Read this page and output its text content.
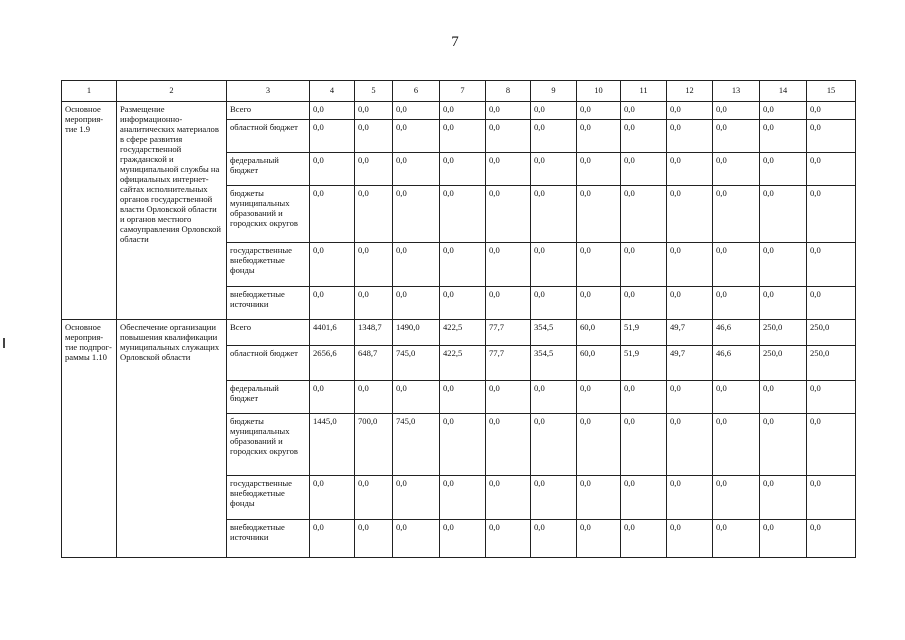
7
1	2	3	4	5	6	7	8	9	10	11	12	13	14	15
Основное мероприя-тие 1.9	Размещение информационно-аналитических материалов в сфере развития государственной гражданской и муниципальной службы на официальных интернет-сайтах исполнительных органов государственной власти Орловской области и органов местного самоуправления Орловской области	Всего	0,0	0,0	0,0	0,0	0,0	0,0	0,0	0,0	0,0	0,0	0,0	0,0
		областной бюджет	0,0	0,0	0,0	0,0	0,0	0,0	0,0	0,0	0,0	0,0	0,0	0,0
		федеральный бюджет	0,0	0,0	0,0	0,0	0,0	0,0	0,0	0,0	0,0	0,0	0,0	0,0
		бюджеты муниципальных образований и городских округов	0,0	0,0	0,0	0,0	0,0	0,0	0,0	0,0	0,0	0,0	0,0	0,0
		государственные внебюджетные фонды	0,0	0,0	0,0	0,0	0,0	0,0	0,0	0,0	0,0	0,0	0,0	0,0
		внебюджетные источники	0,0	0,0	0,0	0,0	0,0	0,0	0,0	0,0	0,0	0,0	0,0	0,0
Основное мероприя-тие подпрог-раммы 1.10	Обеспечение организации повышения квалификации муниципальных служащих Орловской области	Всего	4401,6	1348,7	1490,0	422,5	77,7	354,5	60,0	51,9	49,7	46,6	250,0	250,0
		областной бюджет	2656,6	648,7	745,0	422,5	77,7	354,5	60,0	51,9	49,7	46,6	250,0	250,0
		федеральный бюджет	0,0	0,0	0,0	0,0	0,0	0,0	0,0	0,0	0,0	0,0	0,0	0,0
		бюджеты муниципальных образований и городских округов	1445,0	700,0	745,0	0,0	0,0	0,0	0,0	0,0	0,0	0,0	0,0	0,0
		государственные внебюджетные фонды	0,0	0,0	0,0	0,0	0,0	0,0	0,0	0,0	0,0	0,0	0,0	0,0
		внебюджетные источники	0,0	0,0	0,0	0,0	0,0	0,0	0,0	0,0	0,0	0,0	0,0	0,0
